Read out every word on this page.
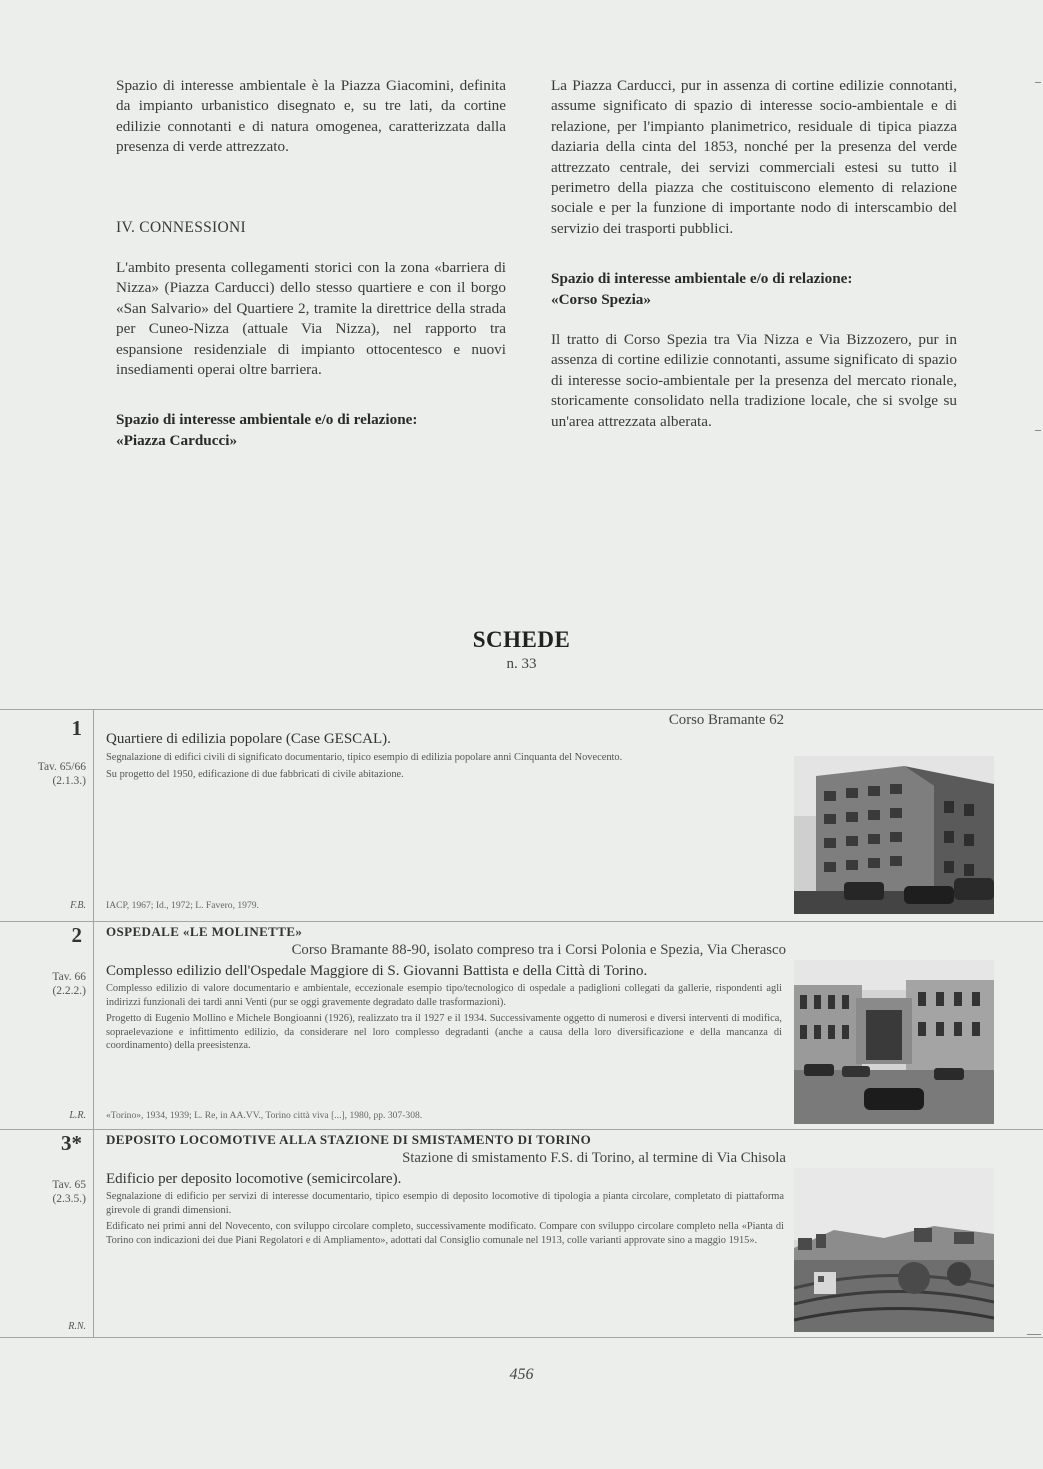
Spazio di interesse ambientale è la Piazza Giacomini, definita da impianto urbanistico disegnato e, su tre lati, da cortine edilizie connotanti e di natura omogenea, caratterizzata dalla presenza di verde attrezzato.

IV. CONNESSIONI

L'ambito presenta collegamenti storici con la zona «barriera di Nizza» (Piazza Carducci) dello stesso quartiere e con il borgo «San Salvario» del Quartiere 2, tramite la direttrice della strada per Cuneo-Nizza (attuale Via Nizza), nel rapporto tra espansione residenziale di impianto ottocentesco e nuovi insediamenti operai oltre barriera.

Spazio di interesse ambientale e/o di relazione:

«Piazza Carducci»

La Piazza Carducci, pur in assenza di cortine edilizie connotanti, assume significato di spazio di interesse socio-ambientale e di relazione, per l'impianto planimetrico, residuale di tipica piazza daziaria della cinta del 1853, nonché per la presenza del verde attrezzato centrale, dei servizi commerciali estesi su tutto il perimetro della piazza che costituiscono elemento di relazione sociale e per la funzione di importante nodo di interscambio del servizio dei trasporti pubblici.

Spazio di interesse ambientale e/o di relazione:

«Corso Spezia»

Il tratto di Corso Spezia tra Via Nizza e Via Bizzozero, pur in assenza di cortine edilizie connotanti, assume significato di spazio di interesse socio-ambientale per la presenza del mercato rionale, storicamente consolidato nella tradizione locale, che si svolge su un'area attrezzata alberata.

SCHEDE
n. 33
1
Tav. 65/66
(2.1.3.)
F.B.
Corso Bramante 62
Quartiere di edilizia popolare (Case GESCAL).
Segnalazione di edifici civili di significato documentario, tipico esempio di edilizia popolare anni Cinquanta del Novecento.
Su progetto del 1950, edificazione di due fabbricati di civile abitazione.
IACP, 1967; Id., 1972; L. Favero, 1979.
2
Tav. 66
(2.2.2.)
L.R.
OSPEDALE «LE MOLINETTE»
Corso Bramante 88-90, isolato compreso tra i Corsi Polonia e Spezia, Via Cherasco
Complesso edilizio dell'Ospedale Maggiore di S. Giovanni Battista e della Città di Torino.
Complesso edilizio di valore documentario e ambientale, eccezionale esempio tipo/tecnologico di ospedale a padiglioni collegati da gallerie, rispondenti agli indirizzi funzionali dei tardi anni Venti (pur se oggi gravemente degradato dalle trasformazioni).
Progetto di Eugenio Mollino e Michele Bongioanni (1926), realizzato tra il 1927 e il 1934. Successivamente oggetto di numerosi e diversi interventi di modifica, sopraelevazione e infittimento edilizio, da considerare nel loro complesso degradanti (anche a causa della loro diversificazione e della mancanza di coordinamento) della preesistenza.
«Torino», 1934, 1939; L. Re, in AA.VV., Torino città viva [...], 1980, pp. 307-308.
3*
Tav. 65
(2.3.5.)
R.N.
DEPOSITO LOCOMOTIVE ALLA STAZIONE DI SMISTAMENTO DI TORINO
Stazione di smistamento F.S. di Torino, al termine di Via Chisola
Edificio per deposito locomotive (semicircolare).
Segnalazione di edificio per servizi di interesse documentario, tipico esempio di deposito locomotive di tipologia a pianta circolare, completato di piattaforma girevole di grandi dimensioni.
Edificato nei primi anni del Novecento, con sviluppo circolare completo, successivamente modificato. Compare con sviluppo circolare completo nella «Pianta di Torino con indicazioni dei due Piani Regolatori e di Ampliamento», adottati dal Consiglio comunale nel 1913, colle varianti approvate sino a maggio 1915».
456
